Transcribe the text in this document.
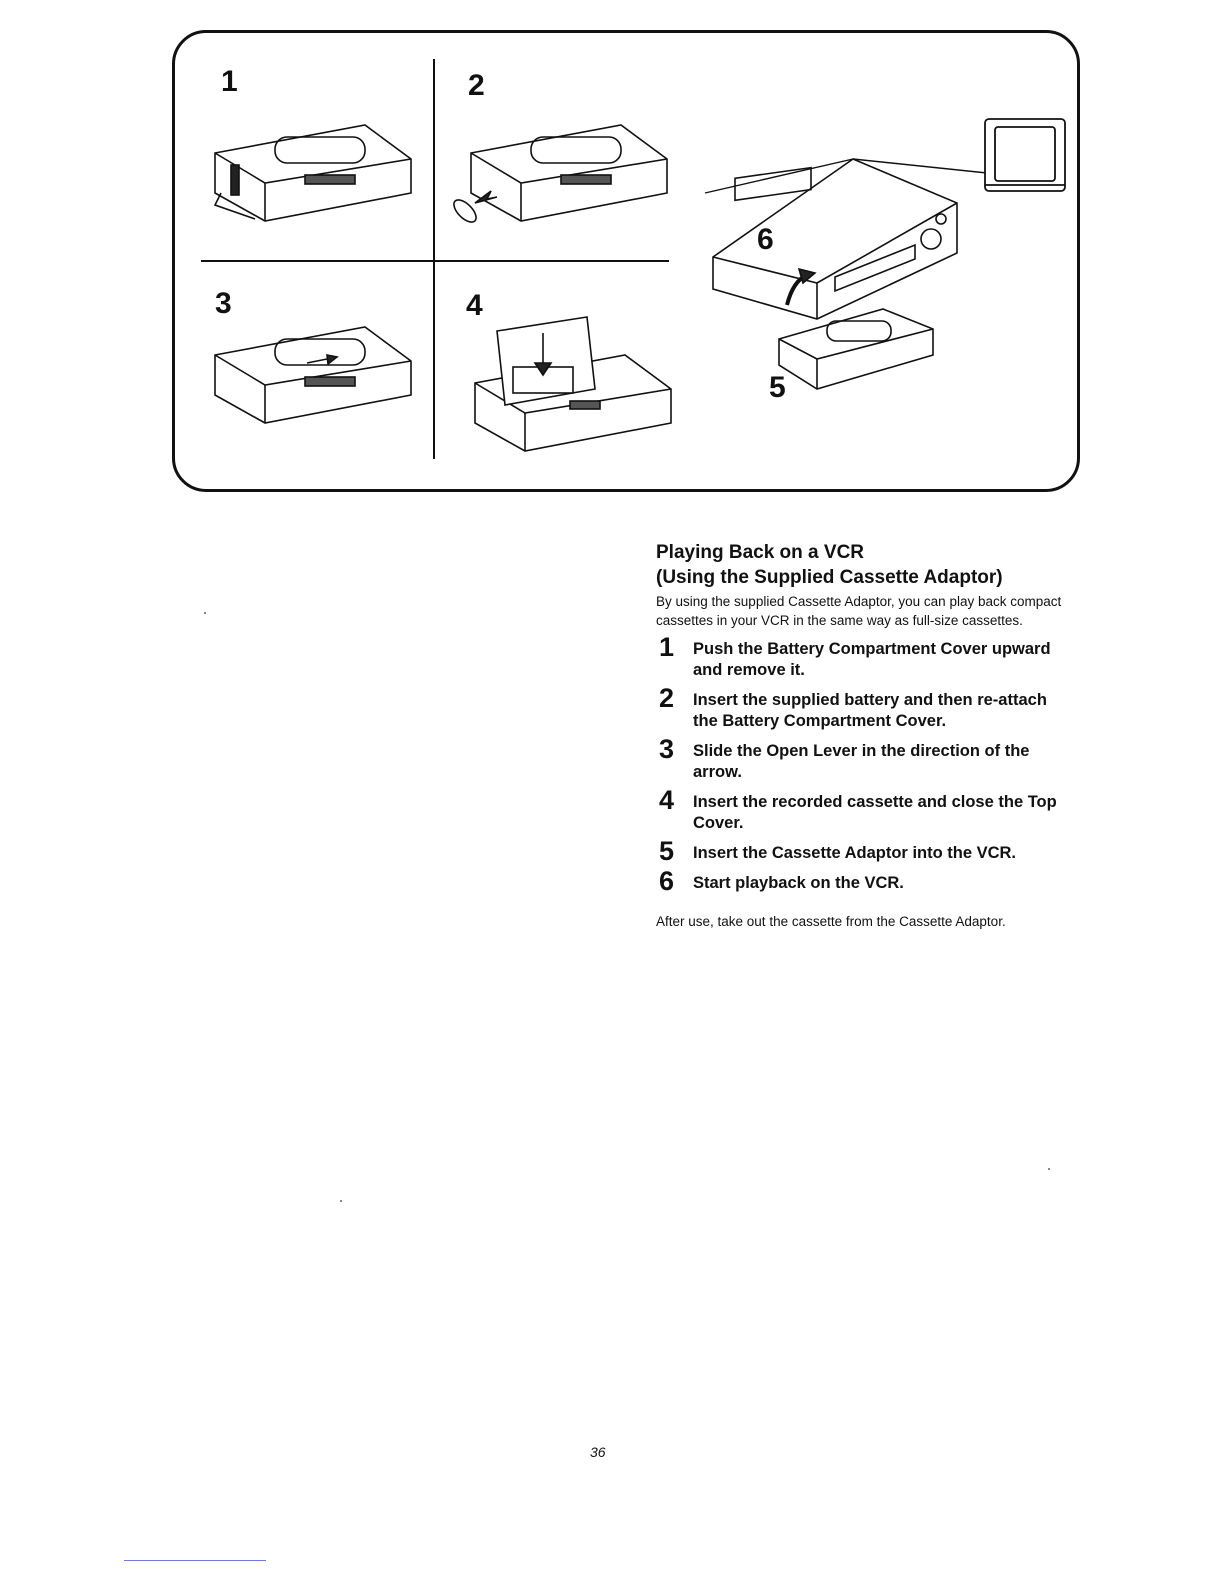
1	2
3	4
6
5
Playing Back on a VCR
(Using the Supplied Cassette Adaptor)

By using the supplied Cassette Adaptor, you can play back compact cassettes in your VCR in the same way as full-size cassettes.

1	Push the Battery Compartment Cover upward and remove it.
2	Insert the supplied battery and then re-attach the Battery Compartment Cover.
3	Slide the Open Lever in the direction of the arrow.
4	Insert the recorded cassette and close the Top Cover.
5	Insert the Cassette Adaptor into the VCR.
6	Start playback on the VCR.

After use, take out the cassette from the Cassette Adaptor.

36
